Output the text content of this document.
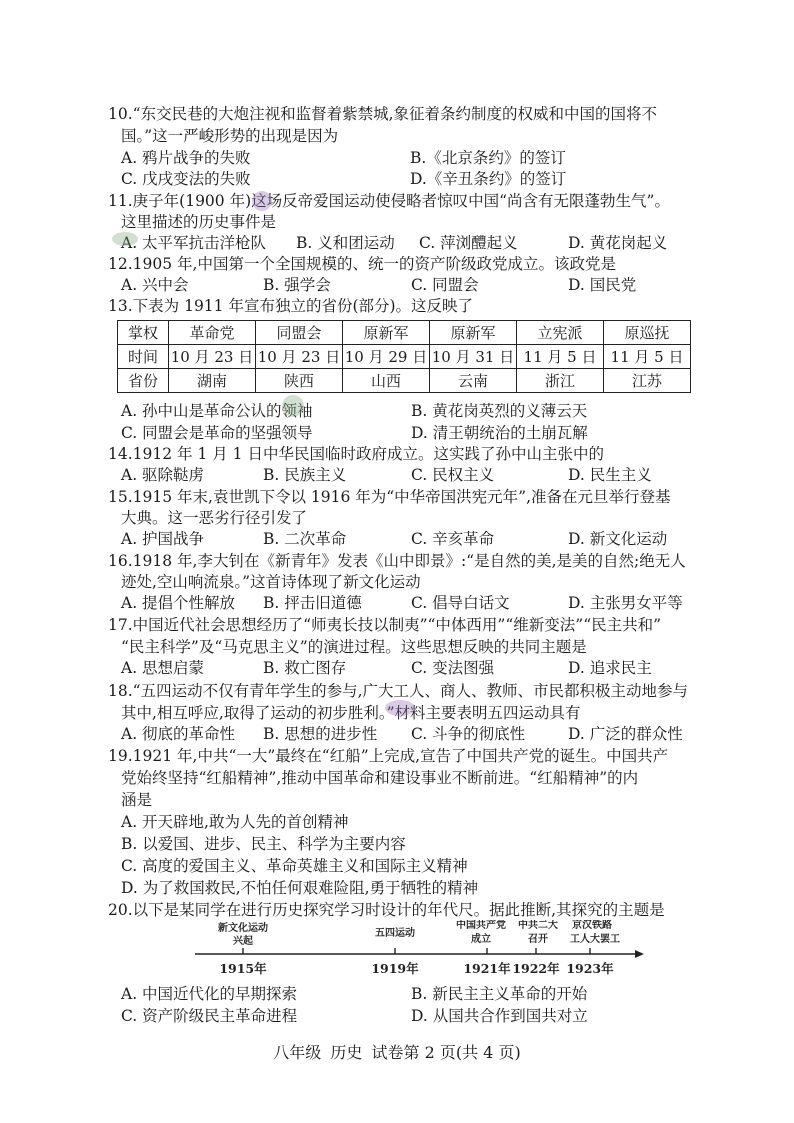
10.“东交民巷的大炮注视和监督着紫禁城,象征着条约制度的权威和中国的国将不
国。”这一严峻形势的出现是因为
A. 鸦片战争的失败	B.《北京条约》的签订
C. 戊戌变法的失败	D.《辛丑条约》的签订
11.庚子年(1900 年)这场反帝爱国运动使侵略者惊叹中国“尚含有无限蓬勃生气”。
这里描述的历史事件是
A. 太平军抗击洋枪队 B. 义和团运动 C. 萍浏醴起义	D. 黄花岗起义
12.1905 年,中国第一个全国规模的、统一的资产阶级政党成立。该政党是
A. 兴中会	B. 强学会	C. 同盟会	D. 国民党
13.下表为 1911 年宣布独立的省份(部分)。这反映了
掌权	革命党	同盟会	原新军	原新军	立宪派	原巡抚
时间	10 月 23 日	10 月 23 日	10 月 29 日	10 月 31 日	11 月 5 日	11 月 5 日
省份	湖南	陕西	山西	云南	浙江	江苏
A. 孙中山是革命公认的领袖	B. 黄花岗英烈的义薄云天
C. 同盟会是革命的坚强领导	D. 清王朝统治的土崩瓦解
14.1912 年 1 月 1 日中华民国临时政府成立。这实践了孙中山主张中的
A. 驱除鞑虏	B. 民族主义	C. 民权主义	D. 民生主义
15.1915 年末,袁世凯下令以 1916 年为“中华帝国洪宪元年”,准备在元旦举行登基
大典。这一恶劣行径引发了
A. 护国战争	B. 二次革命	C. 辛亥革命	D. 新文化运动
16.1918 年,李大钊在《新青年》发表《山中即景》:“是自然的美,是美的自然;绝无人
迹处,空山响流泉。”这首诗体现了新文化运动
A. 提倡个性解放 B. 抨击旧道德	C. 倡导白话文	D. 主张男女平等
17.中国近代社会思想经历了“师夷长技以制夷”“中体西用”“维新变法”“民主共和”
“民主科学”及“马克思主义”的演进过程。这些思想反映的共同主题是
A. 思想启蒙	B. 救亡图存	C. 变法图强	D. 追求民主
18.“五四运动不仅有青年学生的参与,广大工人、商人、教师、市民都积极主动地参与
其中,相互呼应,取得了运动的初步胜利。”材料主要表明五四运动具有
A. 彻底的革命性 B. 思想的进步性 C. 斗争的彻底性	D. 广泛的群众性
19.1921 年,中共“一大”最终在“红船”上完成,宣告了中国共产党的诞生。中国共产
党始终坚持“红船精神”,推动中国革命和建设事业不断前进。“红船精神”的内
涵是
A. 开天辟地,敢为人先的首创精神
B. 以爱国、进步、民主、科学为主要内容
C. 高度的爱国主义、革命英雄主义和国际主义精神
D. 为了救国救民,不怕任何艰难险阻,勇于牺牲的精神
20.以下是某同学在进行历史探究学习时设计的年代尺。据此推断,其探究的主题是
新文化运动
兴起
1915年
五四运动
1919年
中国共产党
成立
1921年
中共二大
召开
1922年
京汉铁路
工人大罢工
1923年
A. 中国近代化的早期探索	B. 新民主主义革命的开始
C. 资产阶级民主革命进程	D. 从国共合作到国共对立
八年级 历史 试卷第 2 页(共 4 页)
